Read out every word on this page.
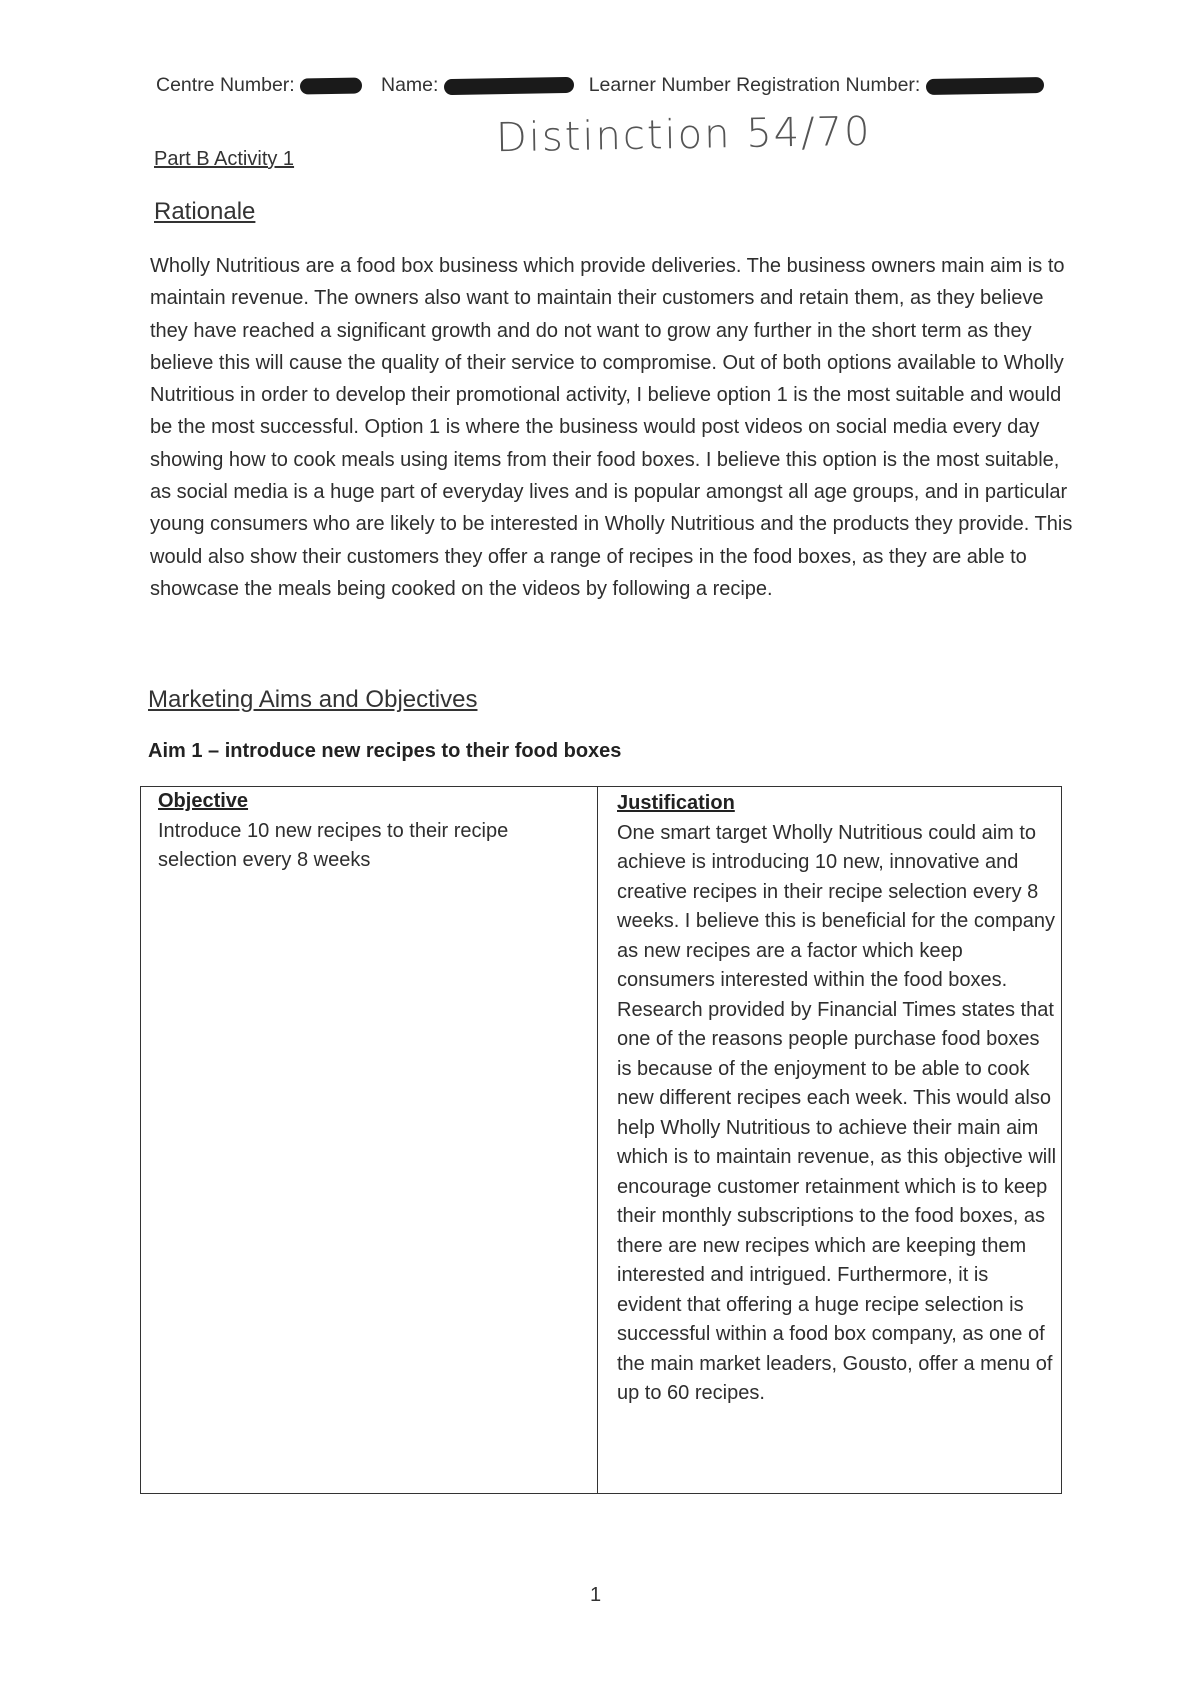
Centre Number:	Name:	Learner Number Registration Number:
Distinction 54/70
Part B Activity 1
Rationale

Wholly Nutritious are a food box business which provide deliveries. The business owners main aim is to maintain revenue. The owners also want to maintain their customers and retain them, as they believe they have reached a significant growth and do not want to grow any further in the short term as they believe this will cause the quality of their service to compromise. Out of both options available to Wholly Nutritious in order to develop their promotional activity, I believe option 1 is the most suitable and would be the most successful. Option 1 is where the business would post videos on social media every day showing how to cook meals using items from their food boxes. I believe this option is the most suitable, as social media is a huge part of everyday lives and is popular amongst all age groups, and in particular young consumers who are likely to be interested in Wholly Nutritious and the products they provide. This would also show their customers they offer a range of recipes in the food boxes, as they are able to showcase the meals being cooked on the videos by following a recipe.

Marketing Aims and Objectives
Aim 1 – introduce new recipes to their food boxes
Objective
Introduce 10 new recipes to their recipe selection every 8 weeks
Justification
One smart target Wholly Nutritious could aim to achieve is introducing 10 new, innovative and creative recipes in their recipe selection every 8 weeks. I believe this is beneficial for the company as new recipes are a factor which keep consumers interested within the food boxes. Research provided by Financial Times states that one of the reasons people purchase food boxes is because of the enjoyment to be able to cook new different recipes each week. This would also help Wholly Nutritious to achieve their main aim which is to maintain revenue, as this objective will encourage customer retainment which is to keep their monthly subscriptions to the food boxes, as there are new recipes which are keeping them interested and intrigued. Furthermore, it is evident that offering a huge recipe selection is successful within a food box company, as one of the main market leaders, Gousto, offer a menu of up to 60 recipes.
1
